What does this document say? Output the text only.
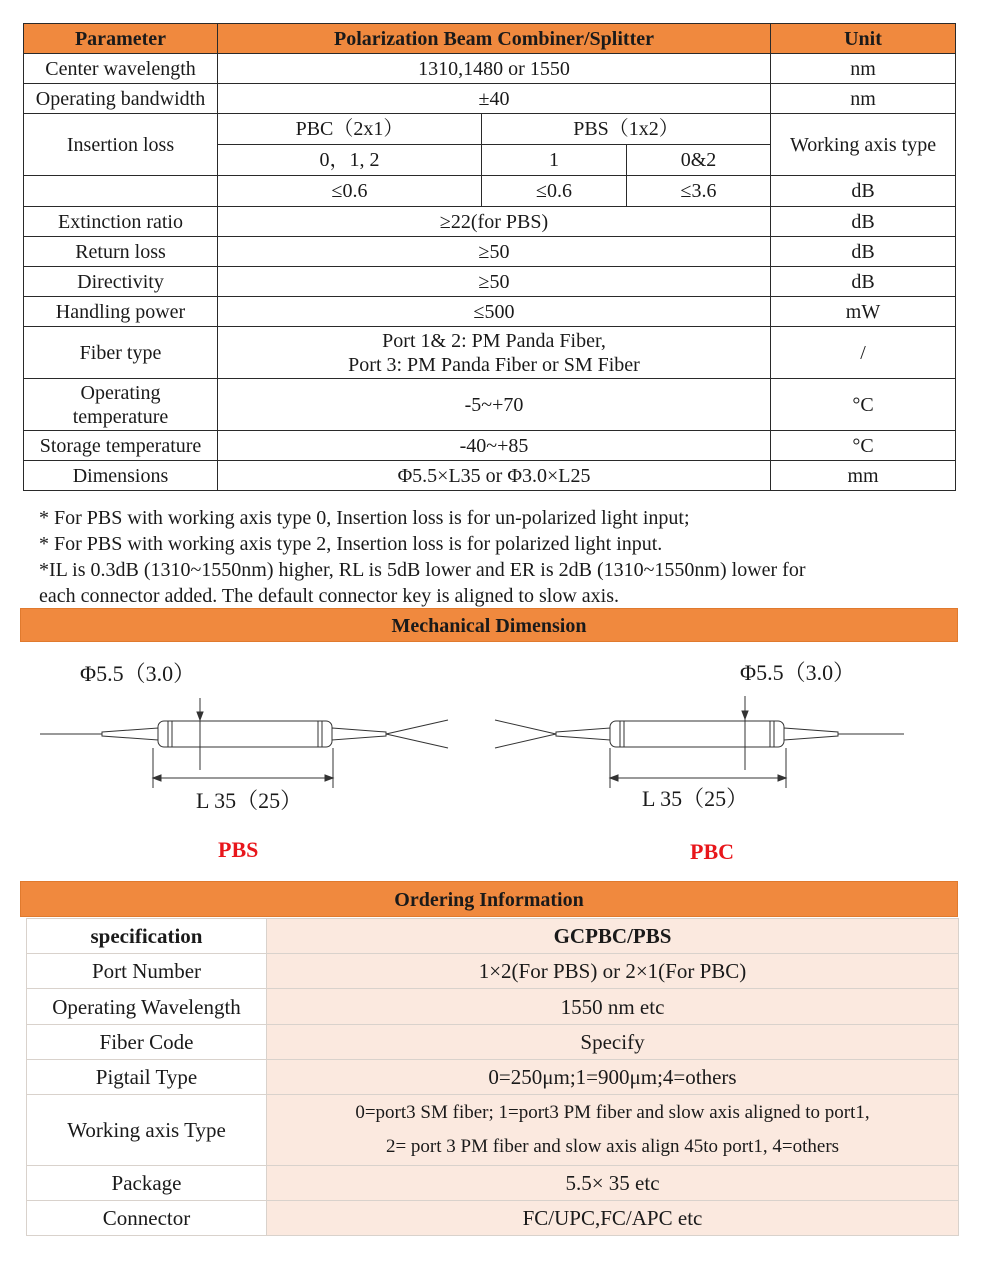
Parameter	Polarization Beam Combiner/Splitter			Unit
Center wavelength	1310,1480 or 1550			nm
Operating bandwidth	±40			nm
Insertion loss	PBC（2x1）	PBS（1x2）		Working axis type
	0，1, 2	1	0&2	
	≤0.6	≤0.6	≤3.6	dB
Extinction ratio	≥22(for PBS)			dB
Return loss	≥50			dB
Directivity	≥50			dB
Handling power	≤500			mW
Fiber type	Port 1& 2: PM Panda Fiber,
Port 3: PM Panda Fiber or SM Fiber			/

Operating
temperature	-5~+70			°C
Storage temperature	-40~+85			°C
Dimensions	Φ5.5×L35 or Φ3.0×L25			mm
* For PBS with working axis type 0, Insertion loss is for un-polarized light input;
* For PBS with working axis type 2, Insertion loss is for polarized light input.
*IL is 0.3dB (1310~1550nm) higher, RL is 5dB lower and ER is 2dB (1310~1550nm) lower for
each connector added. The default connector key is aligned to slow axis.
Mechanical Dimension
Φ5.5（3.0）
L 35（25）
PBS
Φ5.5（3.0）
L 35（25）
PBC
Ordering Information
specification	GCPBC/PBS
Port Number	1×2(For PBS) or 2×1(For PBC)
Operating Wavelength	1550 nm etc
Fiber Code	Specify
Pigtail Type	0=250μm;1=900μm;4=others
Working axis Type	0=port3 SM fiber; 1=port3 PM fiber and slow axis aligned to port1,
2= port 3 PM fiber and slow axis align 45to port1, 4=others

Package	5.5× 35 etc
Connector	FC/UPC,FC/APC etc
